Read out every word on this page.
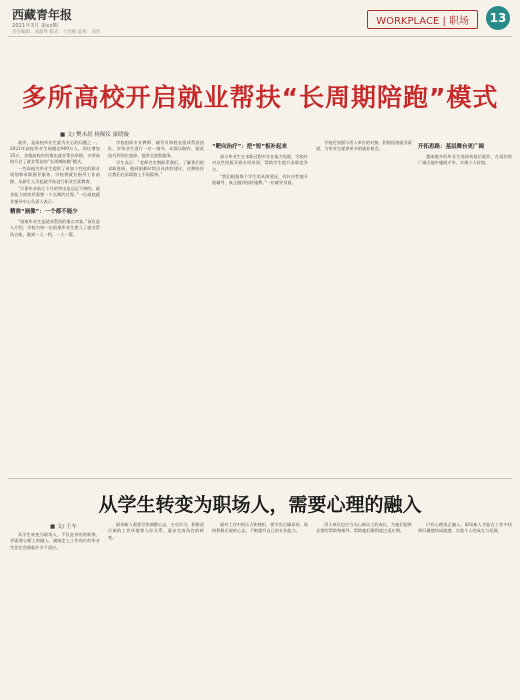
西藏青年报
2021年3月 第xx期
责任编辑：刘淑英 版式：王怡梅 监校：刘伟
WORKPLACE | 职场	13
多所高校开启就业帮扶“长周期陪跑”模式
■ 文/ 樊未晨 杨佩仪 康晓璇

就业，是高校毕业生最为关心的问题之一。2021年高校毕业生规模达909万人，同比增加35万，各地高校纷纷推出就业帮扶举措，多所高校开启了就业帮扶的“长周期陪跑”模式。

一些高校为毕业生提供了更加个性化的职业规划和求职指导服务，学校将就业指导工作前移，从新生入学起就开始进行职业生涯教育。

“只靠毕业前几个月的突击是远远不够的，就业能力的培养需要一个长期的过程。”一位高校就业指导中心负责人表示。

精准“画像”：一个都不能少

“困难毕业生是就业帮扶的重点对象。”该负责人介绍，学校为每一位困难毕业生建立了就业帮扶台账，做到一人一档、一人一策。

学校组织专业教师、辅导员和校友组成帮扶团队，对毕业生进行一对一指导，从简历制作、面试技巧到岗位选择，提供全流程服务。

学生表示：“老师会定期联系我们，了解我们的求职进展，遇到困难时给出具体的建议，这种陪伴让我们在求职路上不再孤单。”

“靶向治疗”：把“短”板补起来

部分毕业生在求职过程中存在能力短板，学校针对这些短板开展专项培训，帮助学生提升求职竞争力。

“我们根据每个学生的具体情况，有针对性地开展辅导，真正做到因材施教。”一位辅导员说。

学校还加强与用人单位的对接，积极拓展就业渠道，为毕业生提供更多的就业机会。	开拓思路：基层舞台更广阔

越来越多的毕业生选择到基层就业，在基层的广阔天地中施展才华，实现个人价值。

从学生转变为职场人，需要心理的融入
■ 文/ 王车

从学生转变为职场人，不仅是身份的转换，更需要心理上的融入。刚刚走上工作岗位的毕业生往往会面临许多不适应。

职场新人需要尽快调整心态，主动学习，积极适应新的工作环境和人际关系，逐步完成角色的转变。

面对工作中的压力和挫折，要学会正确看待，保持积极乐观的心态，不断提升自己的专业能力。

用人单位也应当关心新员工的成长，为他们提供必要的帮助和指导，帮助他们顺利度过适应期。

只有心理真正融入，职场新人才能在工作中找到归属感和成就感，实现个人的成长与发展。
